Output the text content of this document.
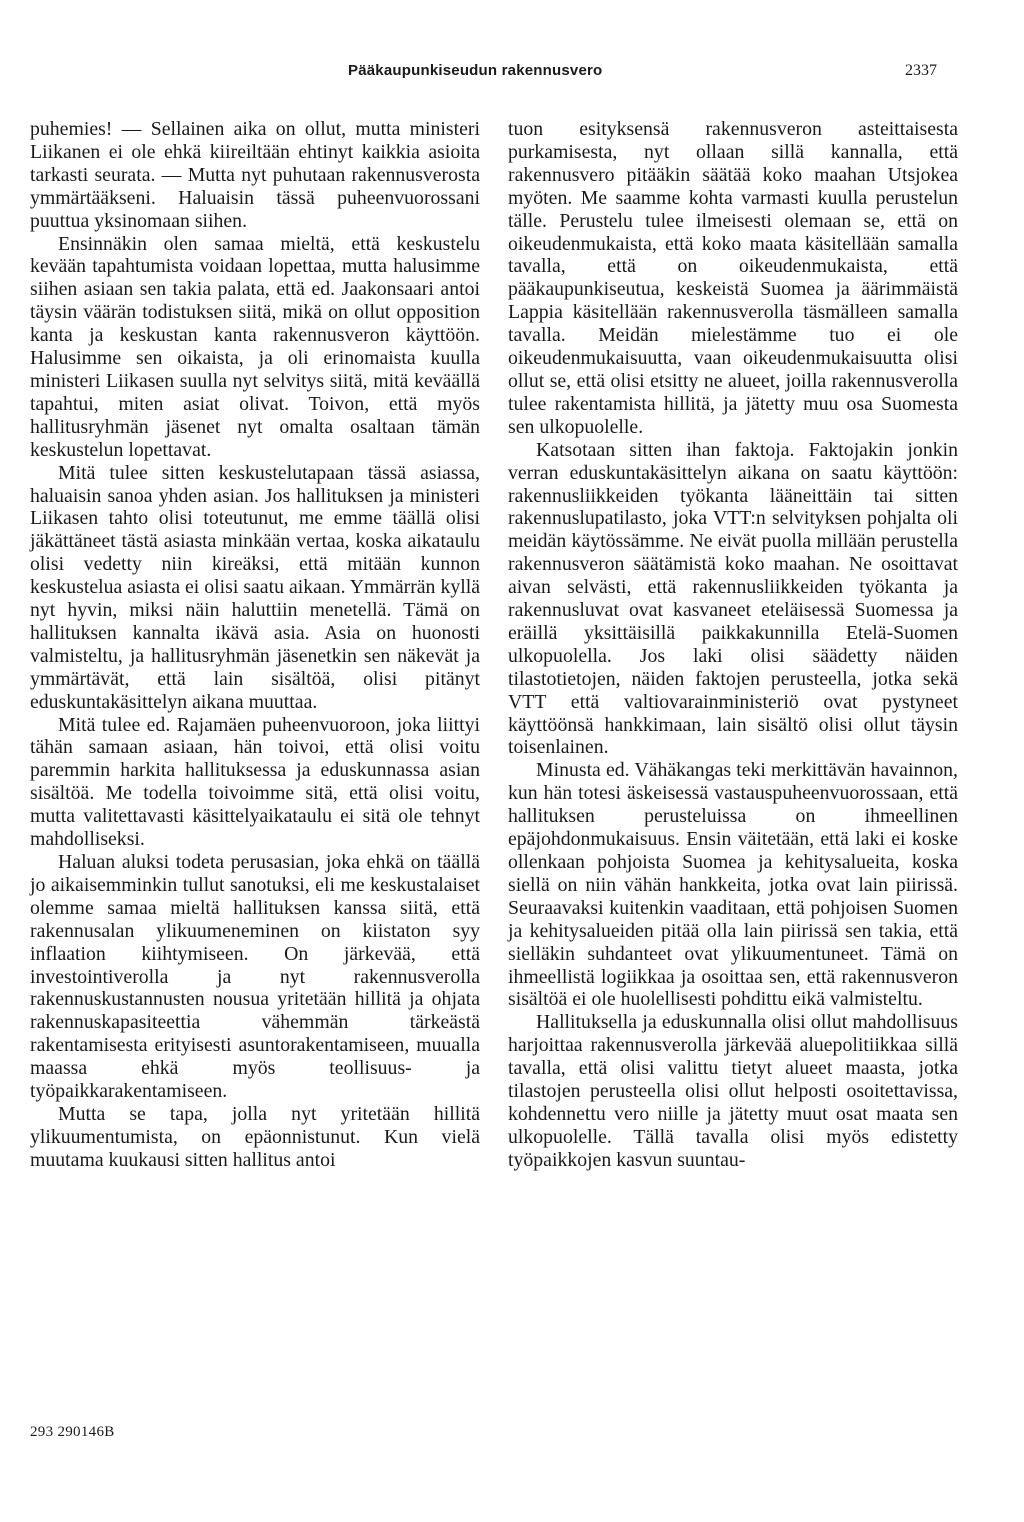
Pääkaupunkiseudun rakennusvero	2337

puhemies! — Sellainen aika on ollut, mutta ministeri Liikanen ei ole ehkä kiireiltään ehtinyt kaikkia asioita tarkasti seurata. — Mutta nyt puhutaan rakennusverosta ymmärtääkseni. Haluaisin tässä puheenvuorossani puuttua yksinomaan siihen.

Ensinnäkin olen samaa mieltä, että keskustelu kevään tapahtumista voidaan lopettaa, mutta halusimme siihen asiaan sen takia palata, että ed. Jaakonsaari antoi täysin väärän todistuksen siitä, mikä on ollut opposition kanta ja keskustan kanta rakennusveron käyttöön. Halusimme sen oikaista, ja oli erinomaista kuulla ministeri Liikasen suulla nyt selvitys siitä, mitä keväällä tapahtui, miten asiat olivat. Toivon, että myös hallitusryhmän jäsenet nyt omalta osaltaan tämän keskustelun lopettavat.

Mitä tulee sitten keskustelutapaan tässä asiassa, haluaisin sanoa yhden asian. Jos hallituksen ja ministeri Liikasen tahto olisi toteutunut, me emme täällä olisi jäkättäneet tästä asiasta minkään vertaa, koska aikataulu olisi vedetty niin kireäksi, että mitään kunnon keskustelua asiasta ei olisi saatu aikaan. Ymmärrän kyllä nyt hyvin, miksi näin haluttiin menetellä. Tämä on hallituksen kannalta ikävä asia. Asia on huonosti valmisteltu, ja hallitusryhmän jäsenetkin sen näkevät ja ymmärtävät, että lain sisältöä, olisi pitänyt eduskuntakäsittelyn aikana muuttaa.

Mitä tulee ed. Rajamäen puheenvuoroon, joka liittyi tähän samaan asiaan, hän toivoi, että olisi voitu paremmin harkita hallituksessa ja eduskunnassa asian sisältöä. Me todella toivoimme sitä, että olisi voitu, mutta valitettavasti käsittelyaikataulu ei sitä ole tehnyt mahdolliseksi.

Haluan aluksi todeta perusasian, joka ehkä on täällä jo aikaisemminkin tullut sanotuksi, eli me keskustalaiset olemme samaa mieltä hallituksen kanssa siitä, että rakennusalan ylikuumeneminen on kiistaton syy inflaation kiihtymiseen. On järkevää, että investointiverolla ja nyt rakennusverolla rakennuskustannusten nousua yritetään hillitä ja ohjata rakennuskapasiteettia vähemmän tärkeästä rakentamisesta erityisesti asuntorakentamiseen, muualla maassa ehkä myös teollisuus- ja työpaikkarakentamiseen.

Mutta se tapa, jolla nyt yritetään hillitä ylikuumentumista, on epäonnistunut. Kun vielä muutama kuukausi sitten hallitus antoi

tuon esityksensä rakennusveron asteittaisesta purkamisesta, nyt ollaan sillä kannalla, että rakennusvero pitääkin säätää koko maahan Utsjokea myöten. Me saamme kohta varmasti kuulla perustelun tälle. Perustelu tulee ilmeisesti olemaan se, että on oikeudenmukaista, että koko maata käsitellään samalla tavalla, että on oikeudenmukaista, että pääkaupunkiseutua, keskeistä Suomea ja äärimmäistä Lappia käsitellään rakennusverolla täsmälleen samalla tavalla. Meidän mielestämme tuo ei ole oikeudenmukaisuutta, vaan oikeudenmukaisuutta olisi ollut se, että olisi etsitty ne alueet, joilla rakennusverolla tulee rakentamista hillitä, ja jätetty muu osa Suomesta sen ulkopuolelle.

Katsotaan sitten ihan faktoja. Faktojakin jonkin verran eduskuntakäsittelyn aikana on saatu käyttöön: rakennusliikkeiden työkanta lääneittäin tai sitten rakennuslupatilasto, joka VTT:n selvityksen pohjalta oli meidän käytössämme. Ne eivät puolla millään perustella rakennusveron säätämistä koko maahan. Ne osoittavat aivan selvästi, että rakennusliikkeiden työkanta ja rakennusluvat ovat kasvaneet eteläisessä Suomessa ja eräillä yksittäisillä paikkakunnilla Etelä-Suomen ulkopuolella. Jos laki olisi säädetty näiden tilastotietojen, näiden faktojen perusteella, jotka sekä VTT että valtiovarainministeriö ovat pystyneet käyttöönsä hankkimaan, lain sisältö olisi ollut täysin toisenlainen.

Minusta ed. Vähäkangas teki merkittävän havainnon, kun hän totesi äskeisessä vastauspuheenvuorossaan, että hallituksen perusteluissa on ihmeellinen epäjohdonmukaisuus. Ensin väitetään, että laki ei koske ollenkaan pohjoista Suomea ja kehitysalueita, koska siellä on niin vähän hankkeita, jotka ovat lain piirissä. Seuraavaksi kuitenkin vaaditaan, että pohjoisen Suomen ja kehitysalueiden pitää olla lain piirissä sen takia, että sielläkin suhdanteet ovat ylikuumentuneet. Tämä on ihmeellistä logiikkaa ja osoittaa sen, että rakennusveron sisältöä ei ole huolellisesti pohdittu eikä valmisteltu.

Hallituksella ja eduskunnalla olisi ollut mahdollisuus harjoittaa rakennusverolla järkevää aluepolitiikkaa sillä tavalla, että olisi valittu tietyt alueet maasta, jotka tilastojen perusteella olisi ollut helposti osoitettavissa, kohdennettu vero niille ja jätetty muut osat maata sen ulkopuolelle. Tällä tavalla olisi myös edistetty työpaikkojen kasvun suuntau-

293 290146B
